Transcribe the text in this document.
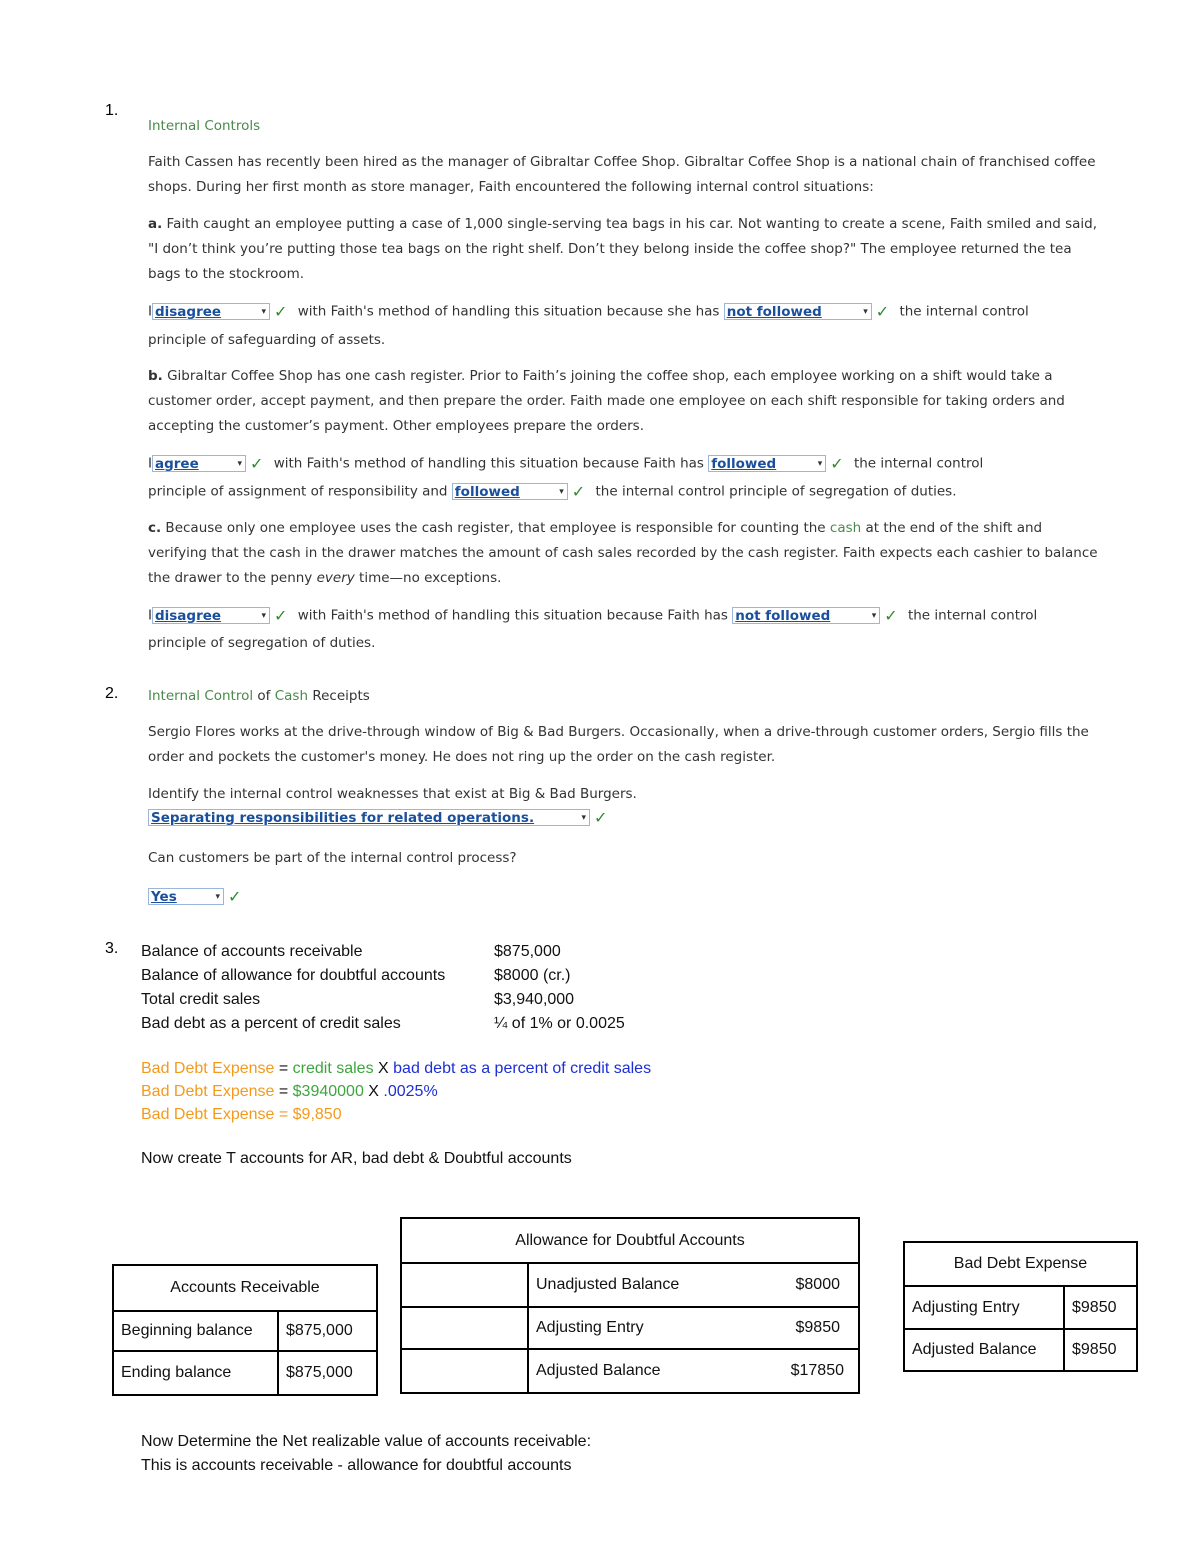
1.

Internal Controls

Faith Cassen has recently been hired as the manager of Gibraltar Coffee Shop. Gibraltar Coffee Shop is a national chain of franchised coffee shops. During her first month as store manager, Faith encountered the following internal control situations:

a. Faith caught an employee putting a case of 1,000 single-serving tea bags in his car. Not wanting to create a scene, Faith smiled and said, "I don’t think you’re putting those tea bags on the right shelf. Don’t they belong inside the coffee shop?" The employee returned the tea bags to the stockroom.

I disagree	▾ ✓ with Faith's method of handling this situation because she has not followed	▾ ✓ the internal control

principle of safeguarding of assets.

b. Gibraltar Coffee Shop has one cash register. Prior to Faith’s joining the coffee shop, each employee working on a shift would take a customer order, accept payment, and then prepare the order. Faith made one employee on each shift responsible for taking orders and accepting the customer’s payment. Other employees prepare the orders.

I agree	▾ ✓ with Faith's method of handling this situation because Faith has followed	▾ ✓ the internal control

principle of assignment of responsibility and followed	▾ ✓ the internal control principle of segregation of duties.

c. Because only one employee uses the cash register, that employee is responsible for counting the cash at the end of the shift and verifying that the cash in the drawer matches the amount of cash sales recorded by the cash register. Faith expects each cashier to balance the drawer to the penny every time—no exceptions.

I disagree	▾ ✓ with Faith's method of handling this situation because Faith has not followed	▾ ✓ the internal control

principle of segregation of duties.

2. Internal Control of Cash Receipts

Sergio Flores works at the drive-through window of Big & Bad Burgers. Occasionally, when a drive-through customer orders, Sergio fills the order and pockets the customer's money. He does not ring up the order on the cash register.

Identify the internal control weaknesses that exist at Big & Bad Burgers.

Separating responsibilities for related operations.	▾ ✓

Can customers be part of the internal control process?

Yes	▾ ✓

3. Balance of accounts receivable	$875,000
Balance of allowance for doubtful accounts	$8000 (cr.)
Total credit sales	$3,940,000
Bad debt as a percent of credit sales	¼ of 1% or 0.0025
Bad Debt Expense = credit sales X bad debt as a percent of credit sales
Bad Debt Expense = $3940000 X .0025%
Bad Debt Expense = $9,850
Now create T accounts for AR, bad debt & Doubtful accounts
Accounts Receivable	
Beginning balance	$875,000
Ending balance	$875,000
Allowance for Doubtful Accounts		
	Unadjusted Balance	$8000
	Adjusting Entry	$9850
	Adjusted Balance	$17850
Bad Debt Expense	
Adjusting Entry	$9850
Adjusted Balance	$9850
Now Determine the Net realizable value of accounts receivable:
This is accounts receivable - allowance for doubtful accounts
